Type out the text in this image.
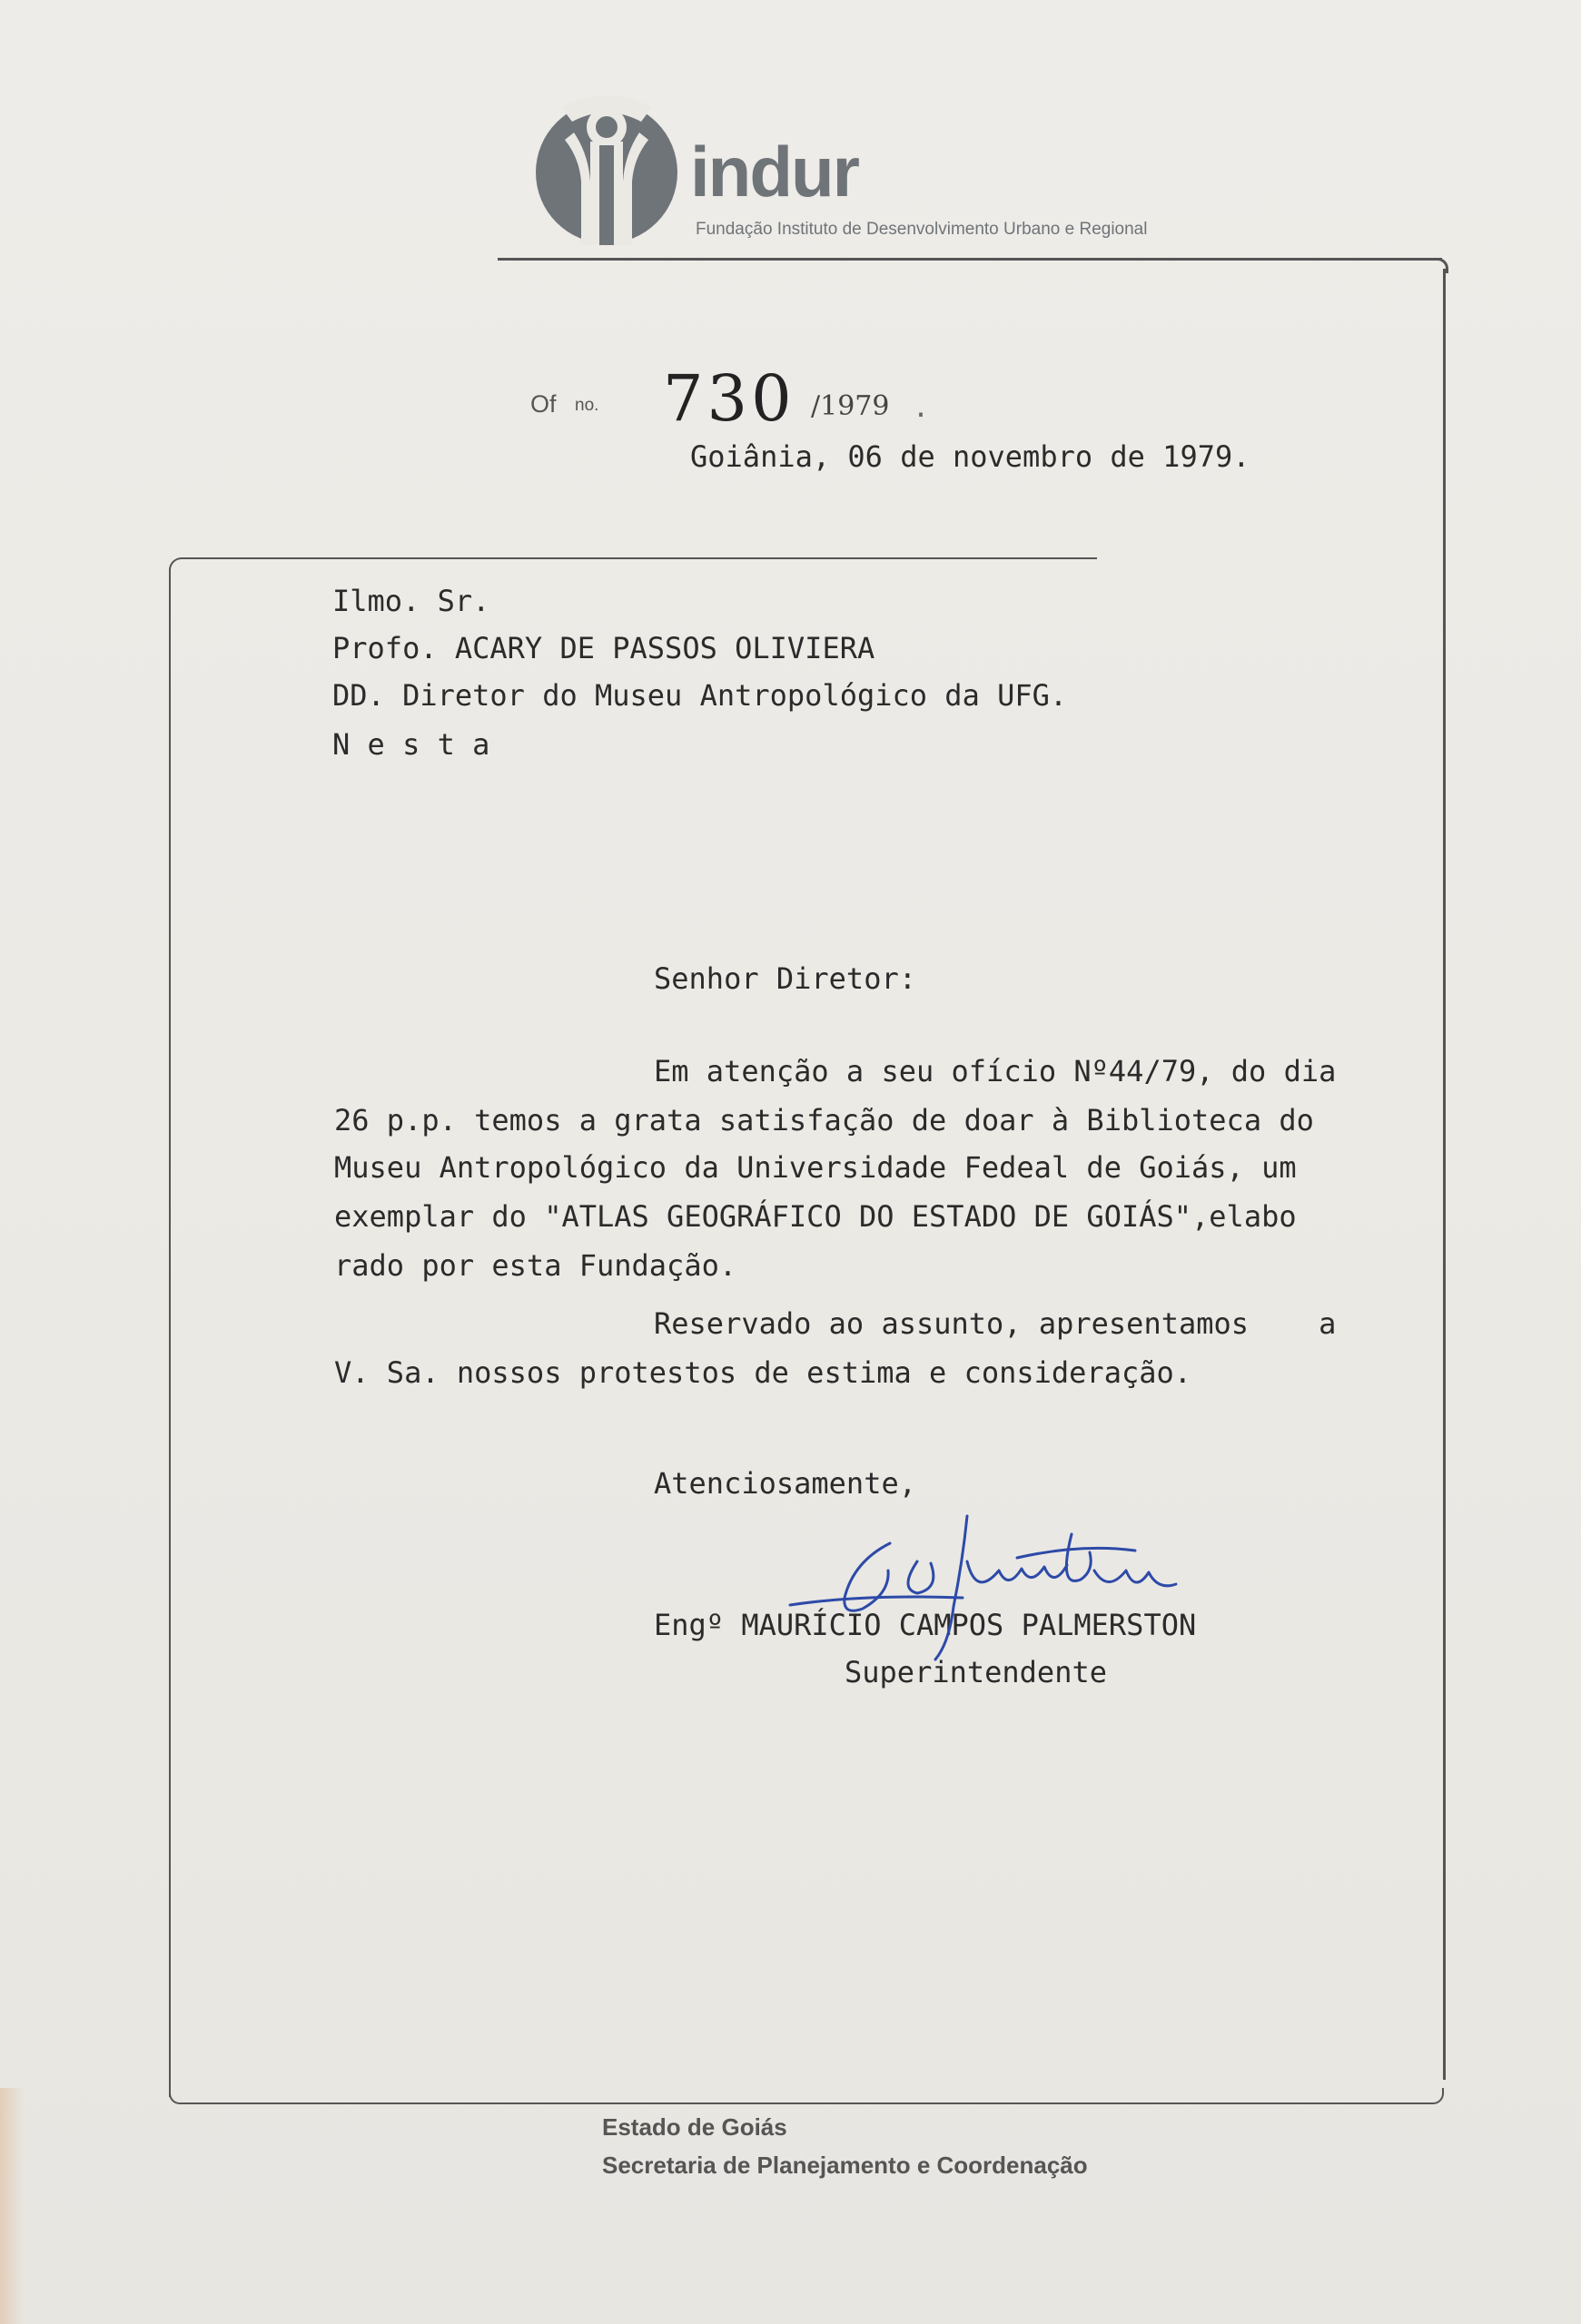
indur
Fundação Instituto de Desenvolvimento Urbano e Regional
Of no. 730 /1979 .
Goiânia, 06 de novembro de 1979.
Ilmo. Sr.
Profo. ACARY DE PASSOS OLIVIERA
DD. Diretor do Museu Antropológico da UFG.
N e s t a
Senhor Diretor:
Em atenção a seu ofício Nº44/79, do dia
26 p.p. temos a grata satisfação de doar à Biblioteca do
Museu Antropológico da Universidade Fedeal de Goiás, um
exemplar do "ATLAS GEOGRÁFICO DO ESTADO DE GOIÁS",elabo
rado por esta Fundação.
Reservado ao assunto, apresentamos    a
V. Sa. nossos protestos de estima e consideração.
Atenciosamente,
Engº MAURÍCIO CAMPOS PALMERSTON
Superintendente
Estado de Goiás
Secretaria de Planejamento e Coordenação
